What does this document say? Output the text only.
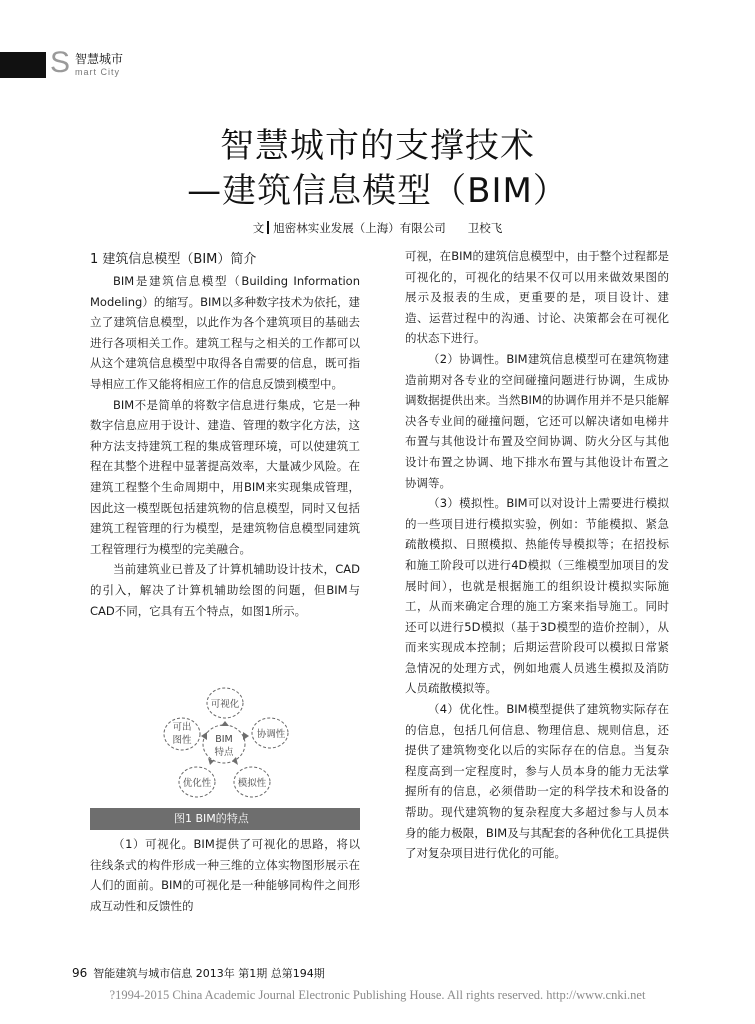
S 智慧城市
mart City
智慧城市的支撑技术
—建筑信息模型（BIM）
文 旭密林实业发展（上海）有限公司 卫校飞

1 建筑信息模型（BIM）简介

BIM是建筑信息模型（Building Information Modeling）的缩写。BIM以多种数字技术为依托，建立了建筑信息模型，以此作为各个建筑项目的基础去进行各项相关工作。建筑工程与之相关的工作都可以从这个建筑信息模型中取得各自需要的信息，既可指导相应工作又能将相应工作的信息反馈到模型中。

BIM不是简单的将数字信息进行集成，它是一种数字信息应用于设计、建造、管理的数字化方法，这种方法支持建筑工程的集成管理环境，可以使建筑工程在其整个进程中显著提高效率，大量减少风险。在建筑工程整个生命周期中，用BIM来实现集成管理，因此这一模型既包括建筑物的信息模型，同时又包括建筑工程管理的行为模型，是建筑物信息模型同建筑工程管理行为模型的完美融合。

当前建筑业已普及了计算机辅助设计技术，CAD的引入，解决了计算机辅助绘图的问题，但BIM与CAD不同，它具有五个特点，如图1所示。

BIM
特点
可视化
协调性
模拟性
优化性
可出
图性
图1 BIM的特点

（1）可视化。BIM提供了可视化的思路，将以往线条式的构件形成一种三维的立体实物图形展示在人们的面前。BIM的可视化是一种能够同构件之间形成互动性和反馈性的

可视，在BIM的建筑信息模型中，由于整个过程都是可视化的，可视化的结果不仅可以用来做效果图的展示及报表的生成，更重要的是，项目设计、建造、运营过程中的沟通、讨论、决策都会在可视化的状态下进行。

（2）协调性。BIM建筑信息模型可在建筑物建造前期对各专业的空间碰撞问题进行协调，生成协调数据提供出来。当然BIM的协调作用并不是只能解决各专业间的碰撞问题，它还可以解决诸如电梯井布置与其他设计布置及空间协调、防火分区与其他设计布置之协调、地下排水布置与其他设计布置之协调等。

（3）模拟性。BIM可以对设计上需要进行模拟的一些项目进行模拟实验，例如：节能模拟、紧急疏散模拟、日照模拟、热能传导模拟等；在招投标和施工阶段可以进行4D模拟（三维模型加项目的发展时间），也就是根据施工的组织设计模拟实际施工，从而来确定合理的施工方案来指导施工。同时还可以进行5D模拟（基于3D模型的造价控制），从而来实现成本控制；后期运营阶段可以模拟日常紧急情况的处理方式，例如地震人员逃生模拟及消防人员疏散模拟等。

（4）优化性。BIM模型提供了建筑物实际存在的信息，包括几何信息、物理信息、规则信息，还提供了建筑物变化以后的实际存在的信息。当复杂程度高到一定程度时，参与人员本身的能力无法掌握所有的信息，必须借助一定的科学技术和设备的帮助。现代建筑物的复杂程度大多超过参与人员本身的能力极限，BIM及与其配套的各种优化工具提供了对复杂项目进行优化的可能。

96 智能建筑与城市信息 2013年 第1期 总第194期
?1994-2015 China Academic Journal Electronic Publishing House. All rights reserved. http://www.cnki.net
